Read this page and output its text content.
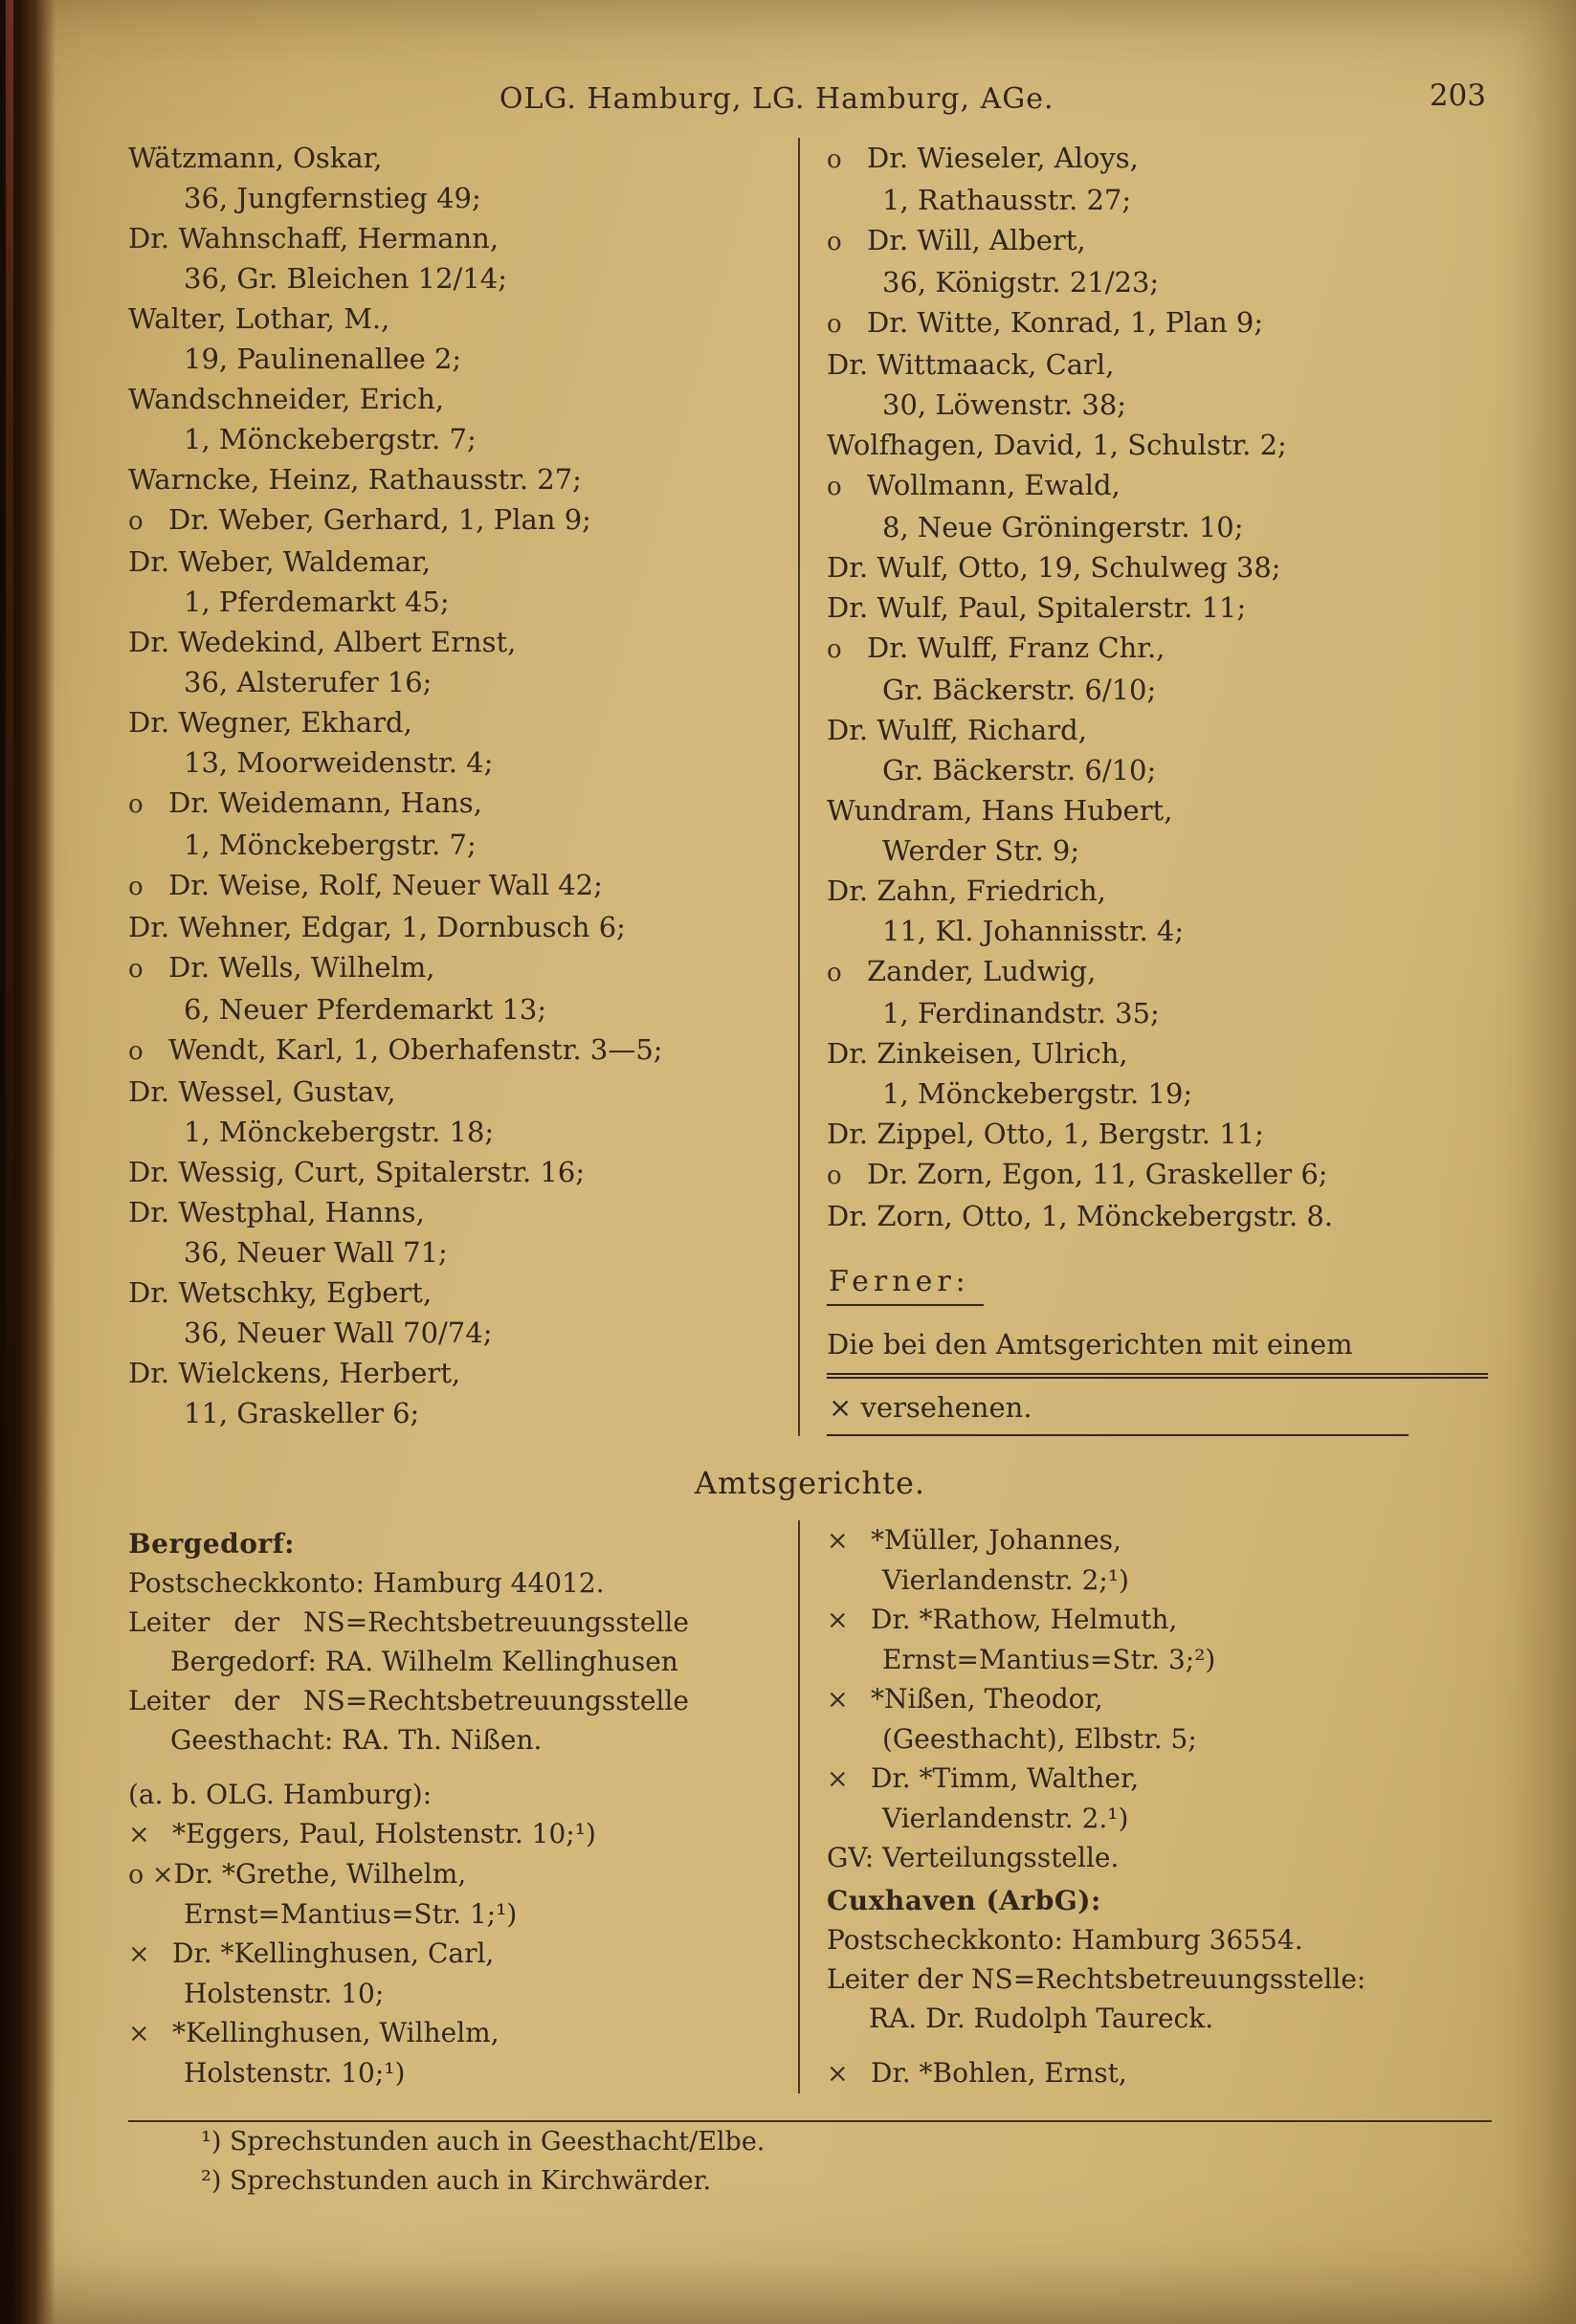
OLG. Hamburg, LG. Hamburg, AGe.	203
Wätzmann, Oskar,
36, Jungfernstieg 49;
Dr. Wahnschaff, Hermann,
36, Gr. Bleichen 12/14;
Walter, Lothar, M.,
19, Paulinenallee 2;
Wandschneider, Erich,
1, Mönckebergstr. 7;
Warncke, Heinz, Rathausstr. 27;
o Dr. Weber, Gerhard, 1, Plan 9;
Dr. Weber, Waldemar,
1, Pferdemarkt 45;
Dr. Wedekind, Albert Ernst,
36, Alsterufer 16;
Dr. Wegner, Ekhard,
13, Moorweidenstr. 4;
o Dr. Weidemann, Hans,
1, Mönckebergstr. 7;
o Dr. Weise, Rolf, Neuer Wall 42;
Dr. Wehner, Edgar, 1, Dornbusch 6;
o Dr. Wells, Wilhelm,
6, Neuer Pferdemarkt 13;
o Wendt, Karl, 1, Oberhafenstr. 3—5;
Dr. Wessel, Gustav,
1, Mönckebergstr. 18;
Dr. Wessig, Curt, Spitalerstr. 16;
Dr. Westphal, Hanns,
36, Neuer Wall 71;
Dr. Wetschky, Egbert,
36, Neuer Wall 70/74;
Dr. Wielckens, Herbert,
11, Graskeller 6;
o Dr. Wieseler, Aloys,
1, Rathausstr. 27;
o Dr. Will, Albert,
36, Königstr. 21/23;
o Dr. Witte, Konrad, 1, Plan 9;
Dr. Wittmaack, Carl,
30, Löwenstr. 38;
Wolfhagen, David, 1, Schulstr. 2;
o Wollmann, Ewald,
8, Neue Gröningerstr. 10;
Dr. Wulf, Otto, 19, Schulweg 38;
Dr. Wulf, Paul, Spitalerstr. 11;
o Dr. Wulff, Franz Chr.,
Gr. Bäckerstr. 6/10;
Dr. Wulff, Richard,
Gr. Bäckerstr. 6/10;
Wundram, Hans Hubert,
Werder Str. 9;
Dr. Zahn, Friedrich,
11, Kl. Johannisstr. 4;
o Zander, Ludwig,
1, Ferdinandstr. 35;
Dr. Zinkeisen, Ulrich,
1, Mönckebergstr. 19;
Dr. Zippel, Otto, 1, Bergstr. 11;
o Dr. Zorn, Egon, 11, Graskeller 6;
Dr. Zorn, Otto, 1, Mönckebergstr. 8.
Ferner:
Die bei den Amtsgerichten mit einem
× versehenen.
Amtsgerichte.
Bergedorf:
Postscheckkonto: Hamburg 44012.
Leiter der NS=Rechtsbetreuungsstelle
Bergedorf: RA. Wilhelm Kellinghusen
Leiter der NS=Rechtsbetreuungsstelle
Geesthacht: RA. Th. Nißen.
(a. b. OLG. Hamburg):
× *Eggers, Paul, Holstenstr. 10;¹)
o × Dr. *Grethe, Wilhelm,
Ernst=Mantius=Str. 1;¹)
× Dr. *Kellinghusen, Carl,
Holstenstr. 10;
× *Kellinghusen, Wilhelm,
Holstenstr. 10;¹)
× *Müller, Johannes,
Vierlandenstr. 2;¹)
× Dr. *Rathow, Helmuth,
Ernst=Mantius=Str. 3;²)
× *Nißen, Theodor,
(Geesthacht), Elbstr. 5;
× Dr. *Timm, Walther,
Vierlandenstr. 2.¹)
GV: Verteilungsstelle.
Cuxhaven (ArbG):
Postscheckkonto: Hamburg 36554.
Leiter der NS=Rechtsbetreuungsstelle:
RA. Dr. Rudolph Taureck.
× Dr. *Bohlen, Ernst,
¹) Sprechstunden auch in Geesthacht/Elbe.
²) Sprechstunden auch in Kirchwärder.
